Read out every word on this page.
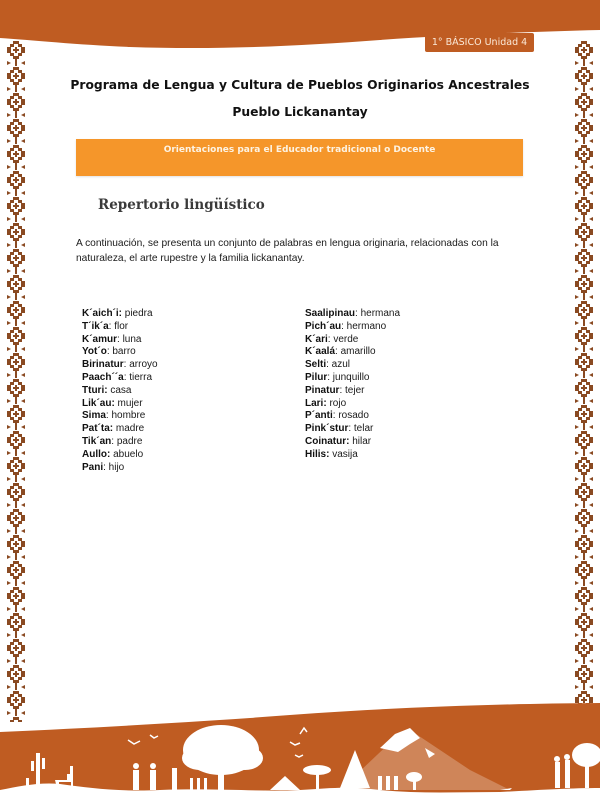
1° BÁSICO Unidad 4
Programa de Lengua y Cultura de Pueblos Originarios Ancestrales
Pueblo Lickanantay
Orientaciones para el Educador tradicional o Docente
Repertorio lingüístico
A continuación, se presenta un conjunto de palabras en lengua originaria, relacionadas con la naturaleza, el arte rupestre y la familia lickanantay.
K´aich´i: piedra
T´ik´a: flor
K´amur: luna
Yot´o: barro
Birinatur: arroyo
Paach´´a: tierra
Tturi: casa
Lik´au: mujer
Sima: hombre
Pat´ta: madre
Tik´an: padre
Aullo: abuelo
Pani: hijo
Saalipinau: hermana
Pich´au: hermano
K´ari: verde
K´aalá: amarillo
Selti: azul
Pilur: junquillo
Pinatur: tejer
Lari: rojo
P´anti: rosado
Pink´stur: telar
Coinatur: hilar
Hilis: vasija
